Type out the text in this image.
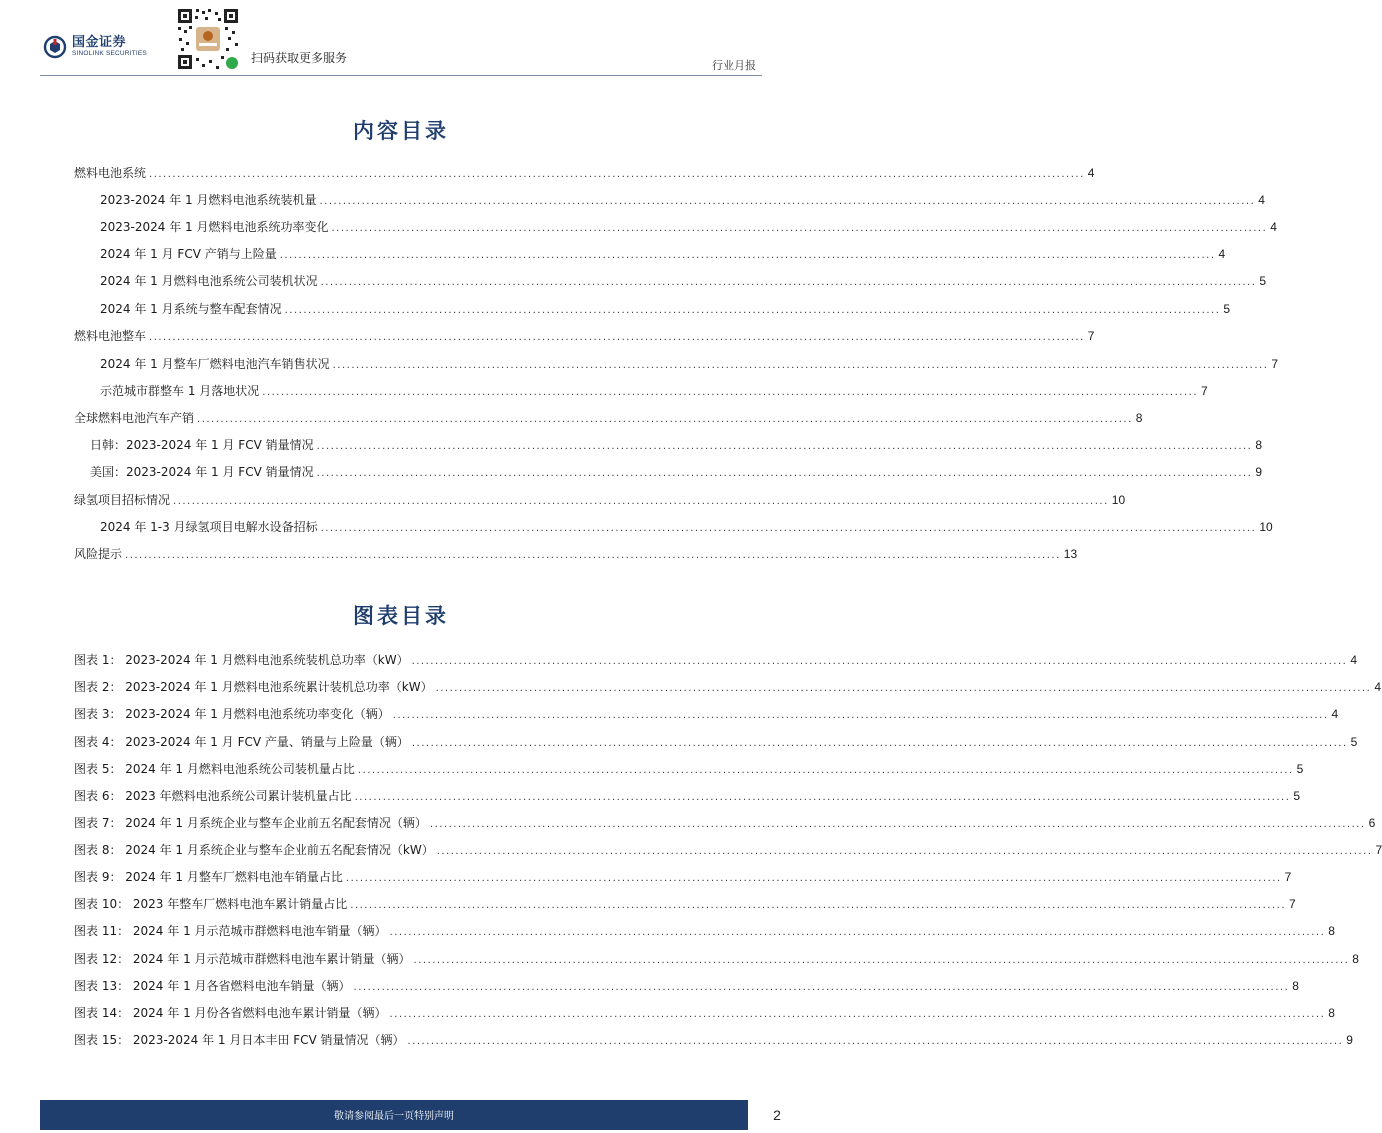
国金证券
SINOLINK SECURITIES	扫码获取更多服务
行业月报
内容目录
燃料电池系统 ........................................................................................................................................................................................................ 4
2023-2024 年 1 月燃料电池系统装机量 ........................................................................................................................................................................................................ 4
2023-2024 年 1 月燃料电池系统功率变化 ........................................................................................................................................................................................................ 4
2024 年 1 月 FCV 产销与上险量 ........................................................................................................................................................................................................ 4
2024 年 1 月燃料电池系统公司装机状况 ........................................................................................................................................................................................................ 5
2024 年 1 月系统与整车配套情况 ........................................................................................................................................................................................................ 5
燃料电池整车 ........................................................................................................................................................................................................ 7
2024 年 1 月整车厂燃料电池汽车销售状况 ........................................................................................................................................................................................................ 7
示范城市群整车 1 月落地状况 ........................................................................................................................................................................................................ 7
全球燃料电池汽车产销 ........................................................................................................................................................................................................ 8
日韩：2023-2024 年 1 月 FCV 销量情况 ........................................................................................................................................................................................................ 8
美国：2023-2024 年 1 月 FCV 销量情况 ........................................................................................................................................................................................................ 9
绿氢项目招标情况 ........................................................................................................................................................................................................ 10
2024 年 1-3 月绿氢项目电解水设备招标 ........................................................................................................................................................................................................ 10
风险提示 ........................................................................................................................................................................................................ 13
图表目录
图表 1： 2023-2024 年 1 月燃料电池系统装机总功率（kW） ........................................................................................................................................................................................................ 4
图表 2： 2023-2024 年 1 月燃料电池系统累计装机总功率（kW） ........................................................................................................................................................................................................ 4
图表 3： 2023-2024 年 1 月燃料电池系统功率变化（辆） ........................................................................................................................................................................................................ 4
图表 4： 2023-2024 年 1 月 FCV 产量、销量与上险量（辆） ........................................................................................................................................................................................................ 5
图表 5： 2024 年 1 月燃料电池系统公司装机量占比 ........................................................................................................................................................................................................ 5
图表 6： 2023 年燃料电池系统公司累计装机量占比 ........................................................................................................................................................................................................ 5
图表 7： 2024 年 1 月系统企业与整车企业前五名配套情况（辆） ........................................................................................................................................................................................................ 6
图表 8： 2024 年 1 月系统企业与整车企业前五名配套情况（kW） ........................................................................................................................................................................................................ 7
图表 9： 2024 年 1 月整车厂燃料电池车销量占比 ........................................................................................................................................................................................................ 7
图表 10： 2023 年整车厂燃料电池车累计销量占比 ........................................................................................................................................................................................................ 7
图表 11： 2024 年 1 月示范城市群燃料电池车销量（辆） ........................................................................................................................................................................................................ 8
图表 12： 2024 年 1 月示范城市群燃料电池车累计销量（辆） ........................................................................................................................................................................................................ 8
图表 13： 2024 年 1 月各省燃料电池车销量（辆） ........................................................................................................................................................................................................ 8
图表 14： 2024 年 1 月份各省燃料电池车累计销量（辆） ........................................................................................................................................................................................................ 8
图表 15： 2023-2024 年 1 月日本丰田 FCV 销量情况（辆） ........................................................................................................................................................................................................ 9
敬请参阅最后一页特别声明	2
